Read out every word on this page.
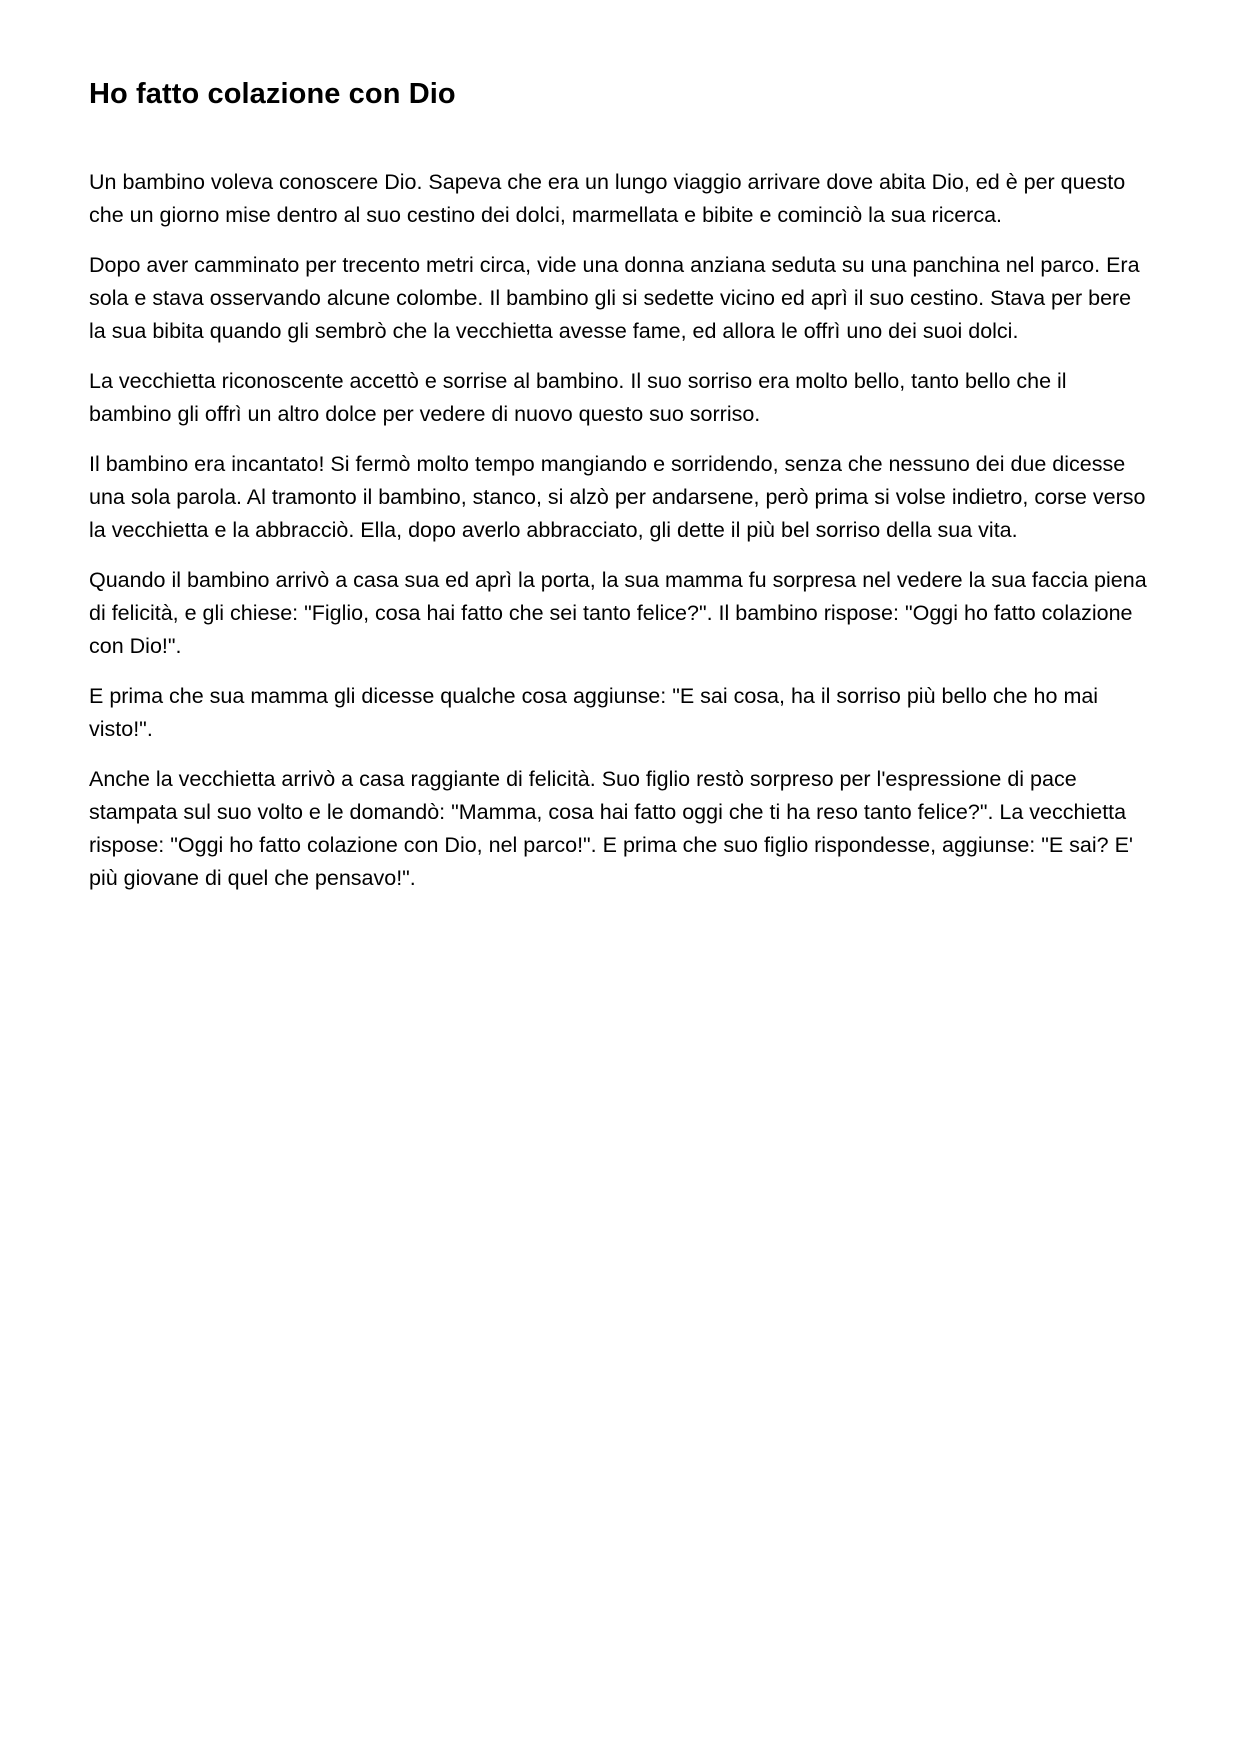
Ho fatto colazione con Dio

Un bambino voleva conoscere Dio. Sapeva che era un lungo viaggio arrivare dove abita Dio, ed è per questo che un giorno mise dentro al suo cestino dei dolci, marmellata e bibite e cominciò la sua ricerca.

Dopo aver camminato per trecento metri circa, vide una donna anziana seduta su una panchina nel parco. Era sola e stava osservando alcune colombe. Il bambino gli si sedette vicino ed aprì il suo cestino. Stava per bere la sua bibita quando gli sembrò che la vecchietta avesse fame, ed allora le offrì uno dei suoi dolci.

La vecchietta riconoscente accettò e sorrise al bambino. Il suo sorriso era molto bello, tanto bello che il bambino gli offrì un altro dolce per vedere di nuovo questo suo sorriso.

Il bambino era incantato! Si fermò molto tempo mangiando e sorridendo, senza che nessuno dei due dicesse una sola parola. Al tramonto il bambino, stanco, si alzò per andarsene, però prima si volse indietro, corse verso la vecchietta e la abbracciò. Ella, dopo averlo abbracciato, gli dette il più bel sorriso della sua vita.

Quando il bambino arrivò a casa sua ed aprì la porta, la sua mamma fu sorpresa nel vedere la sua faccia piena di felicità, e gli chiese: "Figlio, cosa hai fatto che sei tanto felice?". Il bambino rispose: "Oggi ho fatto colazione con Dio!".

E prima che sua mamma gli dicesse qualche cosa aggiunse: "E sai cosa, ha il sorriso più bello che ho mai visto!".

Anche la vecchietta arrivò a casa raggiante di felicità. Suo figlio restò sorpreso per l'espressione di pace stampata sul suo volto e le domandò: "Mamma, cosa hai fatto oggi che ti ha reso tanto felice?". La vecchietta rispose: "Oggi ho fatto colazione con Dio, nel parco!". E prima che suo figlio rispondesse, aggiunse: "E sai? E' più giovane di quel che pensavo!".
